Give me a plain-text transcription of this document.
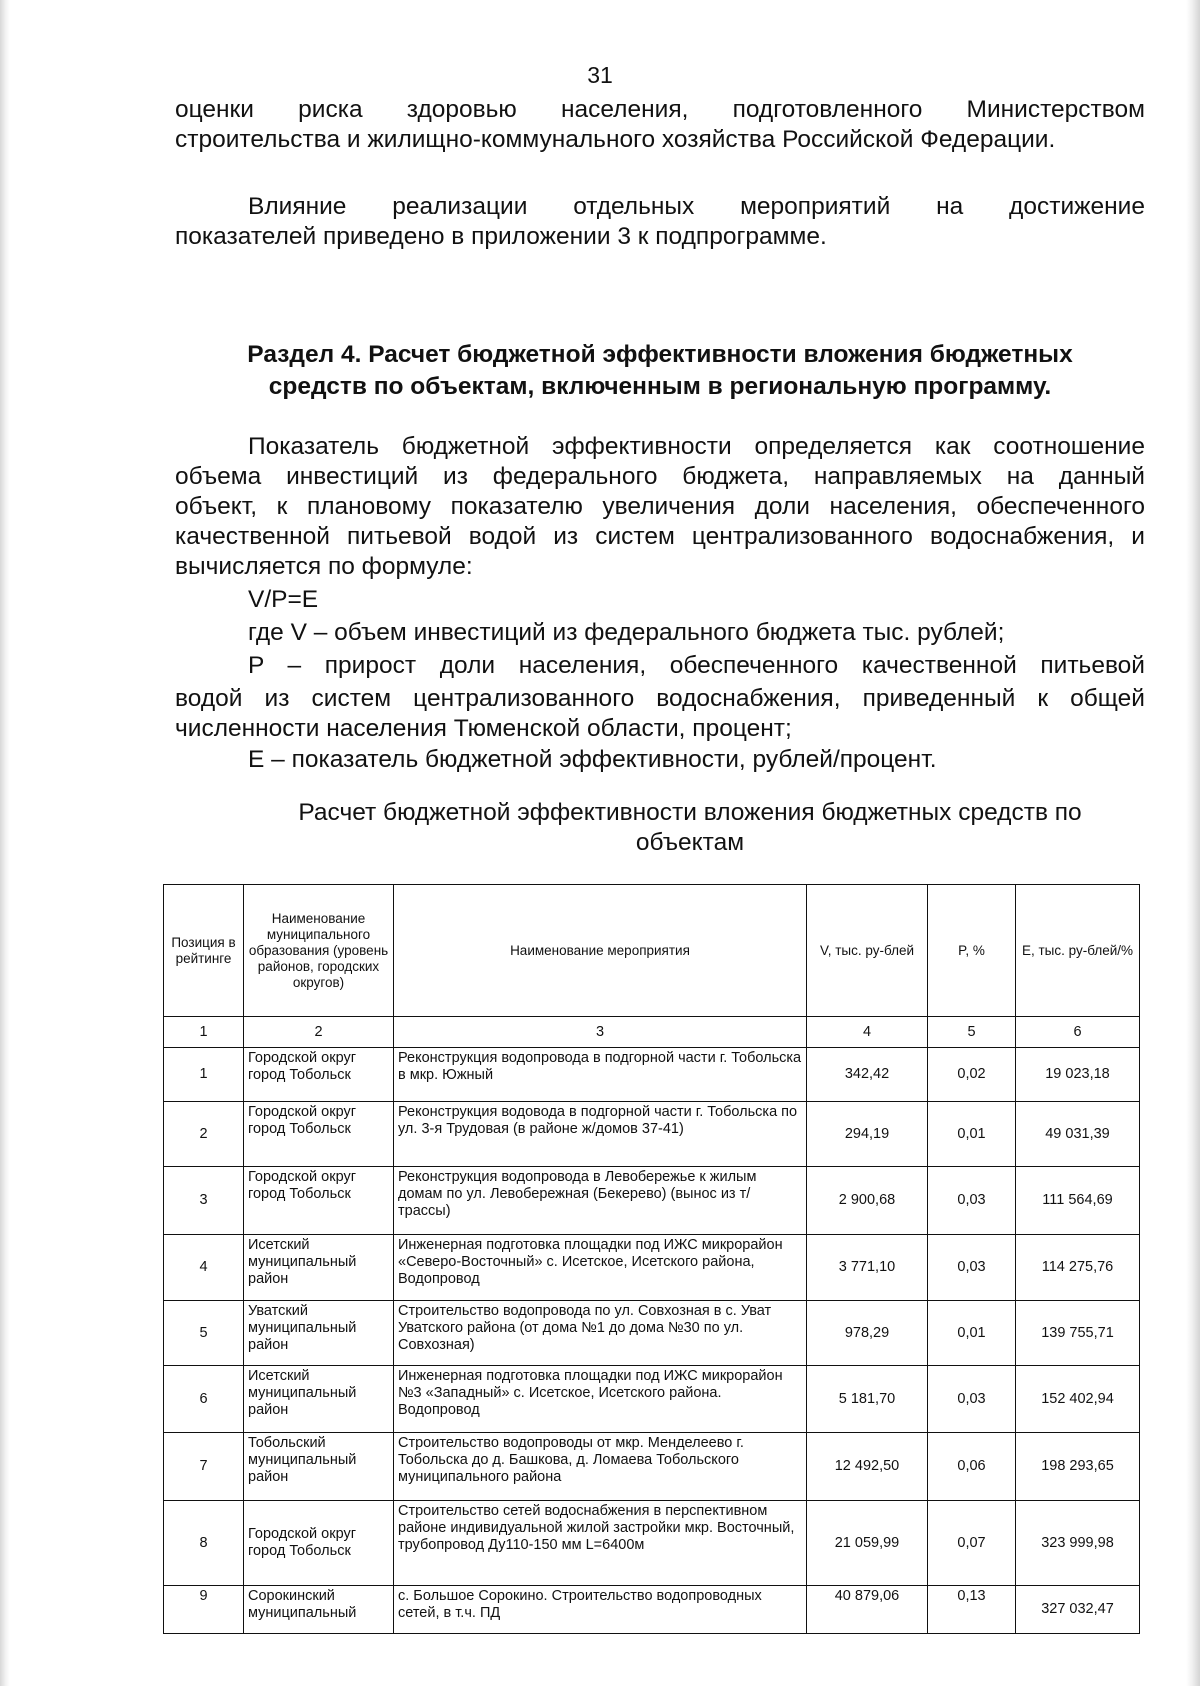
31
оценки риска здоровью населения, подготовленного Министерством
строительства и жилищно-коммунального хозяйства Российской Федерации.
Влияние реализации отдельных мероприятий на достижение
показателей приведено в приложении 3 к подпрограмме.
Раздел 4. Расчет бюджетной эффективности вложения бюджетных
средств по объектам, включенным в региональную программу.
Показатель бюджетной эффективности определяется как соотношение
объема инвестиций из федерального бюджета, направляемых на данный
объект, к плановому показателю увеличения доли населения, обеспеченного
качественной питьевой водой из систем централизованного водоснабжения, и
вычисляется по формуле:
V/P=E
где V – объем инвестиций из федерального бюджета тыс. рублей;
P – прирост доли населения, обеспеченного качественной питьевой
водой из систем централизованного водоснабжения, приведенный к общей
численности населения Тюменской области, процент;
E – показатель бюджетной эффективности, рублей/процент.
Расчет бюджетной эффективности вложения бюджетных средств по
объектам
Позиция в рейтинге	Наименование муниципального образования (уровень районов, городских округов)	Наименование мероприятия	V, тыс. ру-блей	P, %	E, тыс. ру-блей/%
1	2	3	4	5	6
1	Городской округ город Тобольск	Реконструкция водопровода в подгорной части г. Тобольска в мкр. Южный	342,42	0,02	19 023,18
2	Городской округ город Тобольск	Реконструкция водовода в подгорной части г. Тобольска по ул. 3-я Трудовая (в районе ж/домов 37-41)	294,19	0,01	49 031,39
3	Городской округ город Тобольск	Реконструкция водопровода в Левобережье к жилым домам по ул. Левобережная (Бекерево) (вынос из т/трассы)	2 900,68	0,03	111 564,69
4	Исетский муниципальный район	Инженерная подготовка площадки под ИЖС микрорайон «Северо-Восточный» с. Исетское, Исетского района, Водопровод	3 771,10	0,03	114 275,76
5	Уватский муниципальный район	Строительство водопровода по ул. Совхозная в с. Уват Уватского района (от дома №1 до дома №30 по ул. Совхозная)	978,29	0,01	139 755,71
6	Исетский муниципальный район	Инженерная подготовка площадки под ИЖС микрорайон №3 «Западный» с. Исетское, Исетского района. Водопровод	5 181,70	0,03	152 402,94
7	Тобольский муниципальный район	Строительство водопроводы от мкр. Менделеево г. Тобольска до д. Башкова, д. Ломаева Тобольского муниципального района	12 492,50	0,06	198 293,65
8	Городской округ город Тобольск	Строительство сетей водоснабжения в перспективном районе индивидуальной жилой застройки мкр. Восточный, трубопровод Ду110-150 мм L=6400м	21 059,99	0,07	323 999,98
9	Сорокинский муниципальный	с. Большое Сорокино. Строительство водопроводных сетей, в т.ч. ПД	40 879,06	0,13	327 032,47
